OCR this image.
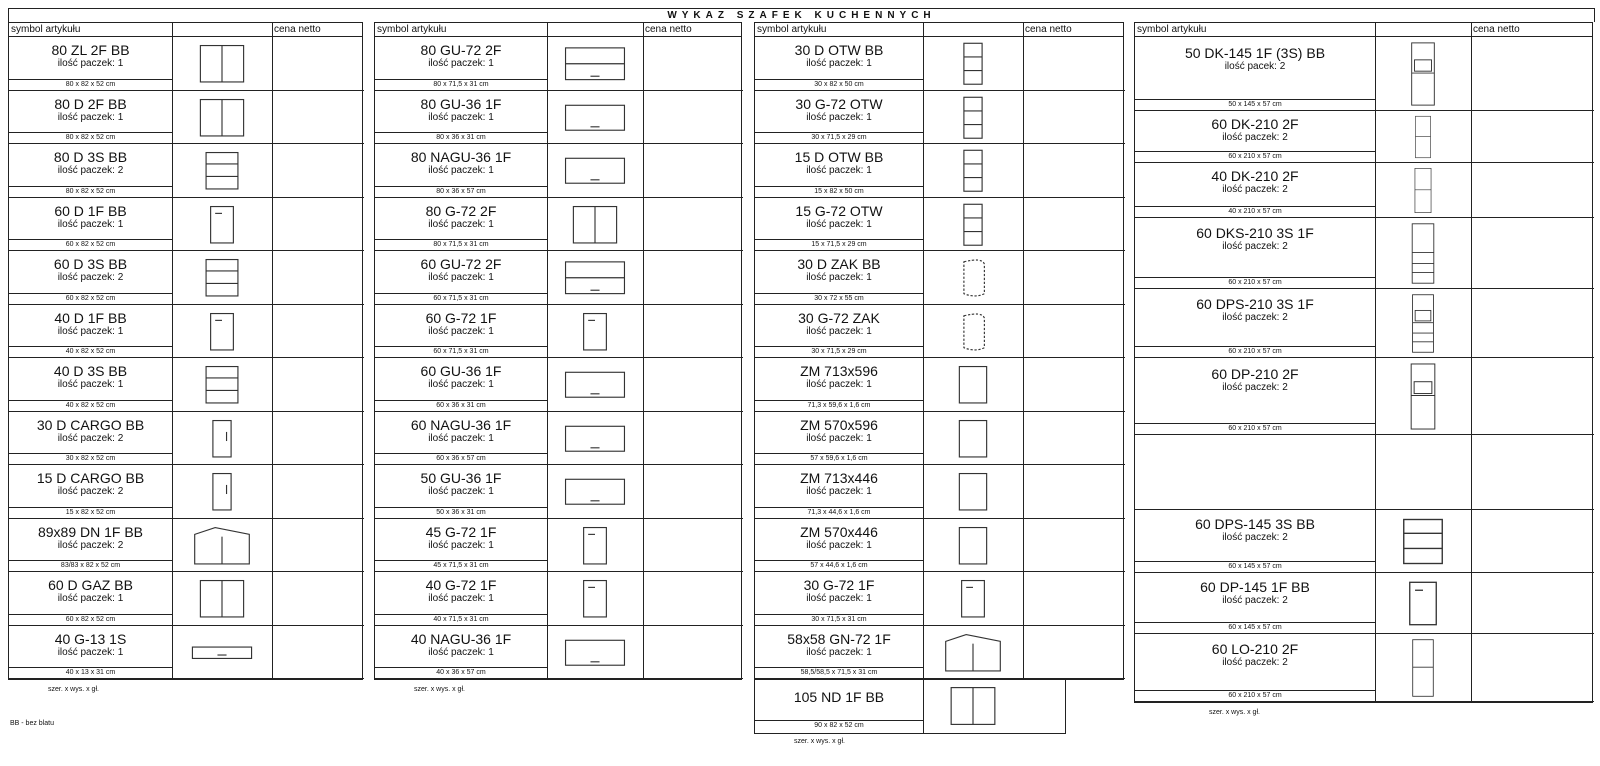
WYKAZ SZAFEK KUCHENNYCH
symbol artykułu	cena netto
80 ZL 2F BB
ilość paczek: 1
80 x 82 x 52 cm
80 D 2F BB
ilość paczek: 1
80 x 82 x 52 cm
80 D 3S BB
ilość paczek: 2
80 x 82 x 52 cm
60 D 1F BB
ilość paczek: 1
60 x 82 x 52 cm
60 D 3S BB
ilość paczek: 2
60 x 82 x 52 cm
40 D 1F BB
ilość paczek: 1
40 x 82 x 52 cm
40 D 3S BB
ilość paczek: 1
40 x 82 x 52 cm
30 D CARGO BB
ilość paczek: 2
30 x 82 x 52 cm
15 D CARGO BB
ilość paczek: 2
15 x 82 x 52 cm
89x89 DN 1F BB
ilość paczek: 2
83/83 x 82 x 52 cm
60 D GAZ BB
ilość paczek: 1
60 x 82 x 52 cm
40 G-13 1S
ilość paczek: 1
40 x 13 x 31 cm
szer. x wys. x gł.
symbol artykułu	cena netto
80 GU-72 2F
ilość paczek: 1
80 x 71,5 x 31 cm
80 GU-36 1F
ilość paczek: 1
80 x 36 x 31 cm
80 NAGU-36 1F
ilość paczek: 1
80 x 36 x 57 cm
80 G-72 2F
ilość paczek: 1
80 x 71,5 x 31 cm
60 GU-72 2F
ilość paczek: 1
60 x 71,5 x 31 cm
60 G-72 1F
ilość paczek: 1
60 x 71,5 x 31 cm
60 GU-36 1F
ilość paczek: 1
60 x 36 x 31 cm
60 NAGU-36 1F
ilość paczek: 1
60 x 36 x 57 cm
50 GU-36 1F
ilość paczek: 1
50 x 36 x 31 cm
45 G-72 1F
ilość paczek: 1
45 x 71,5 x 31 cm
40 G-72 1F
ilość paczek: 1
40 x 71,5 x 31 cm
40 NAGU-36 1F
ilość paczek: 1
40 x 36 x 57 cm
szer. x wys. x gł.
symbol artykułu	cena netto
30 D OTW BB
ilość paczek: 1
30 x 82 x 50 cm
30 G-72 OTW
ilość paczek: 1
30 x 71,5 x 29 cm
15 D OTW BB
ilość paczek: 1
15 x 82 x 50 cm
15 G-72 OTW
ilość paczek: 1
15 x 71,5 x 29 cm
30 D ZAK BB
ilość paczek: 1
30 x 72 x 55 cm
30 G-72 ZAK
ilość paczek: 1
30 x 71,5 x 29 cm
ZM 713x596
ilość paczek: 1
71,3 x 59,6 x 1,6 cm
ZM 570x596
ilość paczek: 1
57 x 59,6 x 1,6 cm
ZM 713x446
ilość paczek: 1
71,3 x 44,6 x 1,6 cm
ZM 570x446
ilość paczek: 1
57 x 44,6 x 1,6 cm
30 G-72 1F
ilość paczek: 1
30 x 71,5 x 31 cm
58x58 GN-72 1F
ilość paczek: 1
58,5/58,5 x 71,5 x 31 cm
105 ND 1F BB
90 x 82 x 52 cm
szer. x wys. x gł.
symbol artykułu	cena netto
50 DK-145 1F (3S) BB
ilość pacek: 2
50 x 145 x 57 cm
60 DK-210 2F
ilość paczek: 2
60 x 210 x 57 cm
40 DK-210 2F
ilość paczek: 2
40 x 210 x 57 cm
60 DKS-210 3S 1F
ilość paczek: 2
60 x 210 x 57 cm
60 DPS-210 3S 1F
ilość paczek: 2
60 x 210 x 57 cm
60 DP-210 2F
ilość paczek: 2
60 x 210 x 57 cm
60 DPS-145 3S BB
ilość paczek: 2
60 x 145 x 57 cm
60 DP-145 1F BB
ilość paczek: 2
60 x 145 x 57 cm
60 LO-210 2F
ilość paczek: 2
60 x 210 x 57 cm
szer. x wys. x gł.
BB - bez blatu
